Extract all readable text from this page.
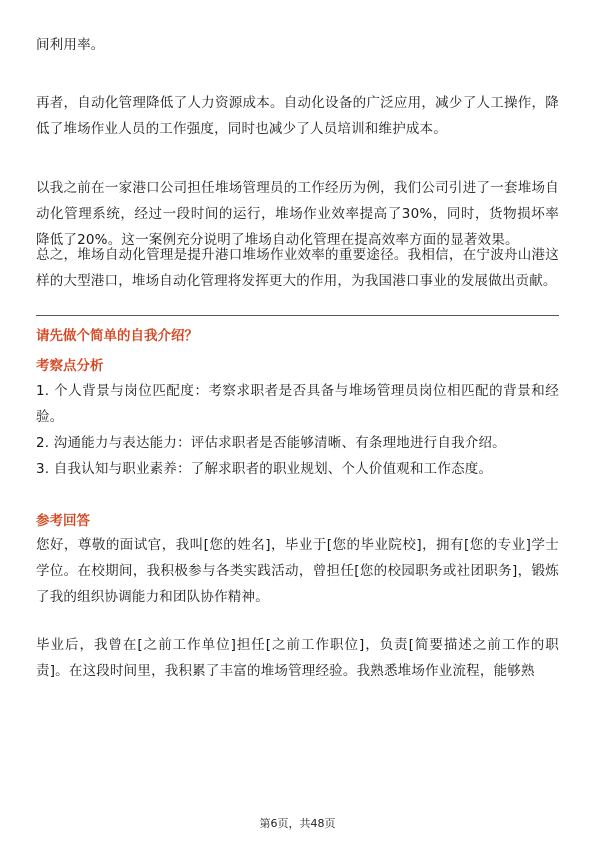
间利用率。

再者，自动化管理降低了人力资源成本。自动化设备的广泛应用，减少了人工操作，降低了堆场作业人员的工作强度，同时也减少了人员培训和维护成本。

以我之前在一家港口公司担任堆场管理员的工作经历为例，我们公司引进了一套堆场自动化管理系统，经过一段时间的运行，堆场作业效率提高了30%，同时，货物损坏率降低了20%。这一案例充分说明了堆场自动化管理在提高效率方面的显著效果。

总之，堆场自动化管理是提升港口堆场作业效率的重要途径。我相信，在宁波舟山港这样的大型港口，堆场自动化管理将发挥更大的作用，为我国港口事业的发展做出贡献。

请先做个简单的自我介绍？

考察点分析

1. 个人背景与岗位匹配度：考察求职者是否具备与堆场管理员岗位相匹配的背景和经验。
2. 沟通能力与表达能力：评估求职者是否能够清晰、有条理地进行自我介绍。
3. 自我认知与职业素养：了解求职者的职业规划、个人价值观和工作态度。

参考回答

您好，尊敬的面试官，我叫[您的姓名]，毕业于[您的毕业院校]，拥有[您的专业]学士学位。在校期间，我积极参与各类实践活动，曾担任[您的校园职务或社团职务]，锻炼了我的组织协调能力和团队协作精神。

毕业后，我曾在[之前工作单位]担任[之前工作职位]，负责[简要描述之前工作的职责]。在这段时间里，我积累了丰富的堆场管理经验。我熟悉堆场作业流程，能够熟

第6页，共48页
